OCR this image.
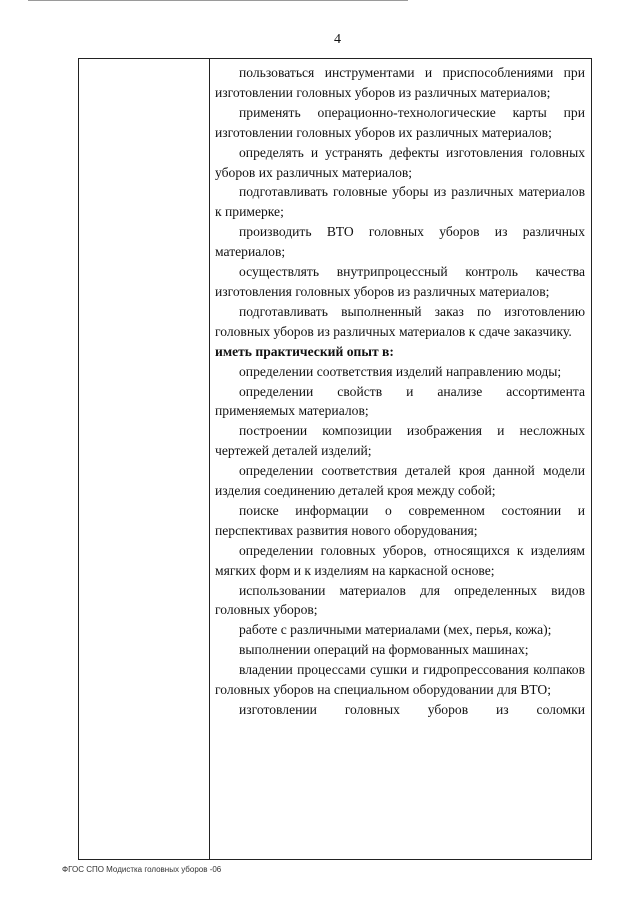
4

пользоваться инструментами и приспособлениями при изготовлении головных уборов из различных материалов;

применять операционно-технологические карты при изготовлении головных уборов их различных материалов;

определять и устранять дефекты изготовления головных уборов их различных материалов;

подготавливать головные уборы из различных материалов к примерке;

производить ВТО головных уборов из различных материалов;

осуществлять внутрипроцессный контроль качества изготовления головных уборов из различных материалов;

подготавливать выполненный заказ по изготовлению головных уборов из различных материалов к сдаче заказчику.

иметь практический опыт в:

определении соответствия изделий направлению моды;

определении свойств и анализе ассортимента применяемых материалов;

построении композиции изображения и несложных чертежей деталей изделий;

определении соответствия деталей кроя данной модели изделия соединению деталей кроя между собой;

поиске информации о современном состоянии и перспективах развития нового оборудования;

определении головных уборов, относящихся к изделиям мягких форм и к изделиям на каркасной основе;

использовании материалов для определенных видов головных уборов;

работе с различными материалами (мех, перья, кожа);

выполнении операций на формованных машинах;

владении процессами сушки и гидропрессования колпаков головных уборов на специальном оборудовании для ВТО;

изготовлении головных уборов из соломки

ФГОС СПО Модистка головных уборов -06
